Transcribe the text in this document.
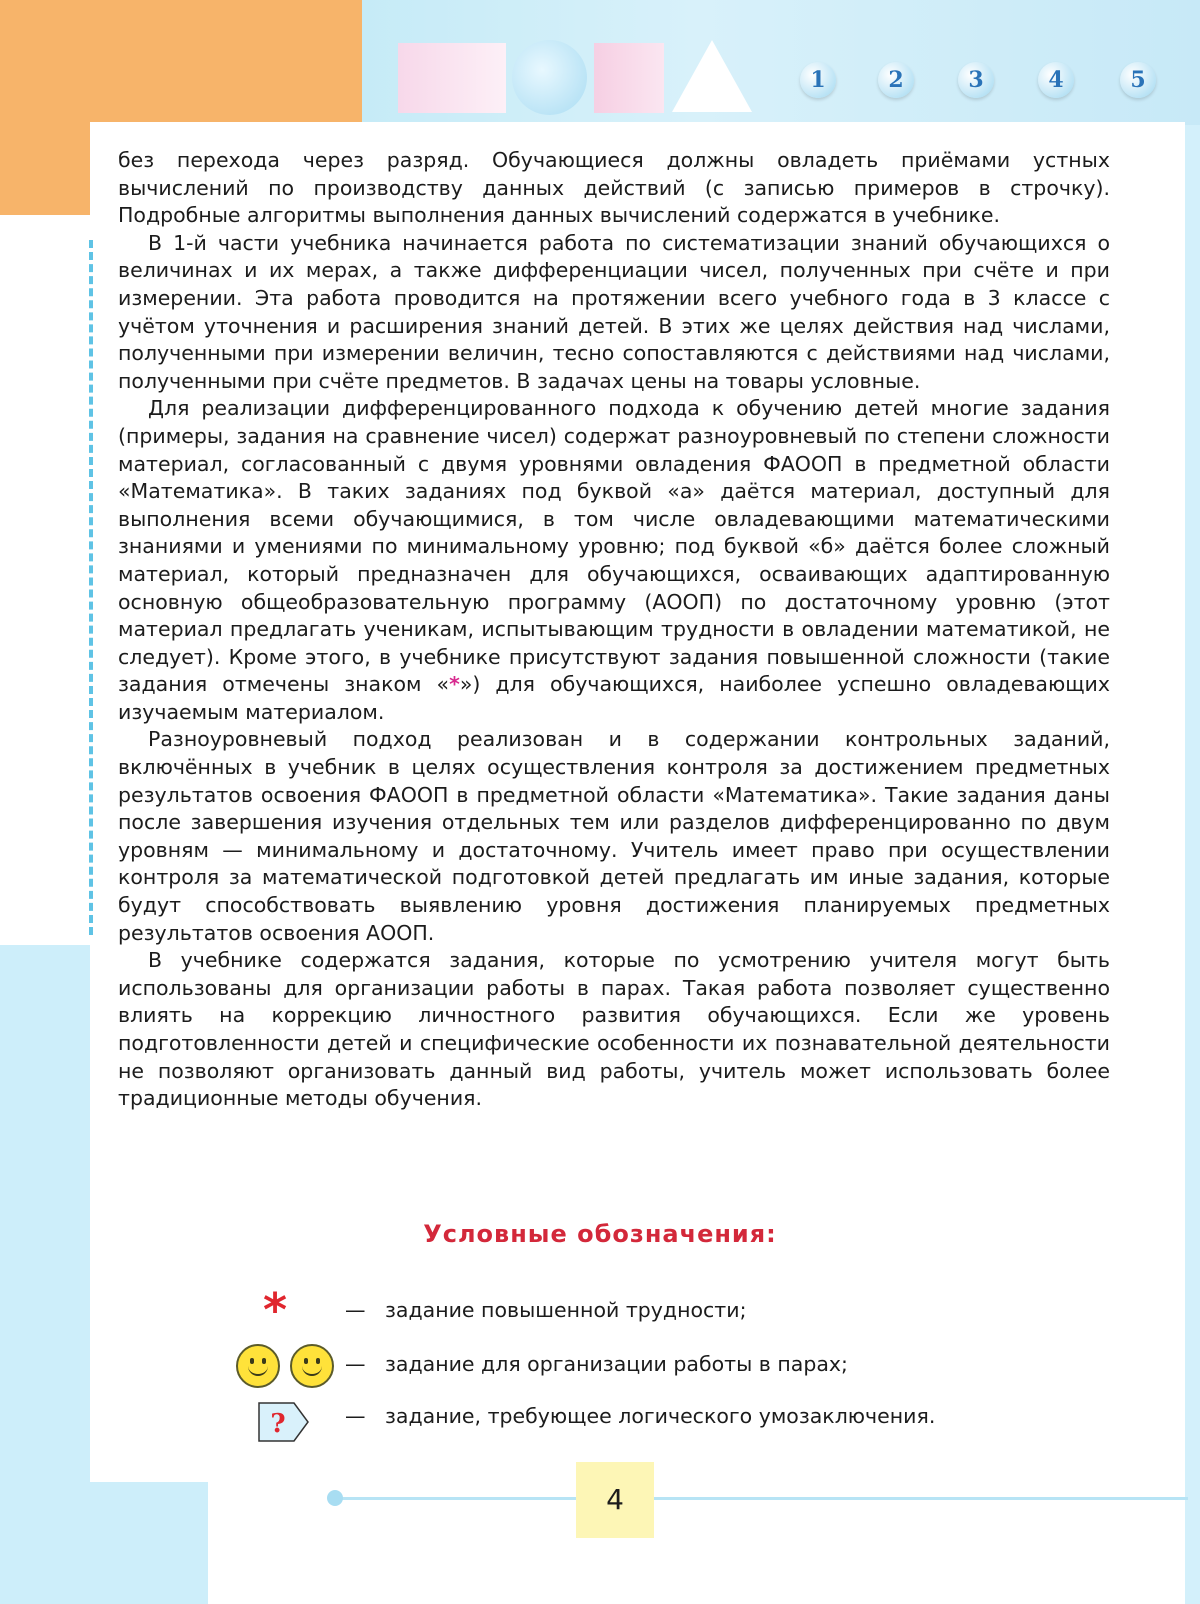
1	2	3	4	5

без перехода через разряд. Обучающиеся должны овладеть приёмами устных вычислений по производству данных действий (с записью примеров в строчку). Подробные алгоритмы выполнения данных вычислений содержатся в учебнике.

В 1-й части учебника начинается работа по систематизации знаний обучающихся о величинах и их мерах, а также дифференциации чисел, полученных при счёте и при измерении. Эта работа проводится на протяжении всего учебного года в 3 классе с учётом уточнения и расширения знаний детей. В этих же целях действия над числами, полученными при измерении величин, тесно сопоставляются с действиями над числами, полученными при счёте предметов. В задачах цены на товары условные.

Для реализации дифференцированного подхода к обучению детей многие задания (примеры, задания на сравнение чисел) содержат разноуровневый по степени сложности материал, согласованный с двумя уровнями овладения ФАООП в предметной области «Математика». В таких заданиях под буквой «а» даётся материал, доступный для выполнения всеми обучающимися, в том числе овладевающими математическими знаниями и умениями по минимальному уровню; под буквой «б» даётся более сложный материал, который предназначен для обучающихся, осваивающих адаптированную основную общеобразовательную программу (АООП) по достаточному уровню (этот материал предлагать ученикам, испытывающим трудности в овладении математикой, не следует). Кроме этого, в учебнике присутствуют задания повышенной сложности (такие задания отмечены знаком «*») для обучающихся, наиболее успешно овладевающих изучаемым материалом.

Разноуровневый подход реализован и в содержании контрольных заданий, включённых в учебник в целях осуществления контроля за достижением предметных результатов освоения ФАООП в предметной области «Математика». Такие задания даны после завершения изучения отдельных тем или разделов дифференцированно по двум уровням — минимальному и достаточному. Учитель имеет право при осуществлении контроля за математической подготовкой детей предлагать им иные задания, которые будут способствовать выявлению уровня достижения планируемых предметных результатов освоения АООП.

В учебнике содержатся задания, которые по усмотрению учителя могут быть использованы для организации работы в парах. Такая работа позволяет существенно влиять на коррекцию личностного развития обучающихся. Если же уровень подготовленности детей и специфические особенности их познавательной деятельности не позволяют организовать данный вид работы, учитель может использовать более традиционные методы обучения.

Условные обозначения:
*	— задание повышенной трудности;
— задание для организации работы в парах;
?	— задание, требующее логического умозаключения.
4
